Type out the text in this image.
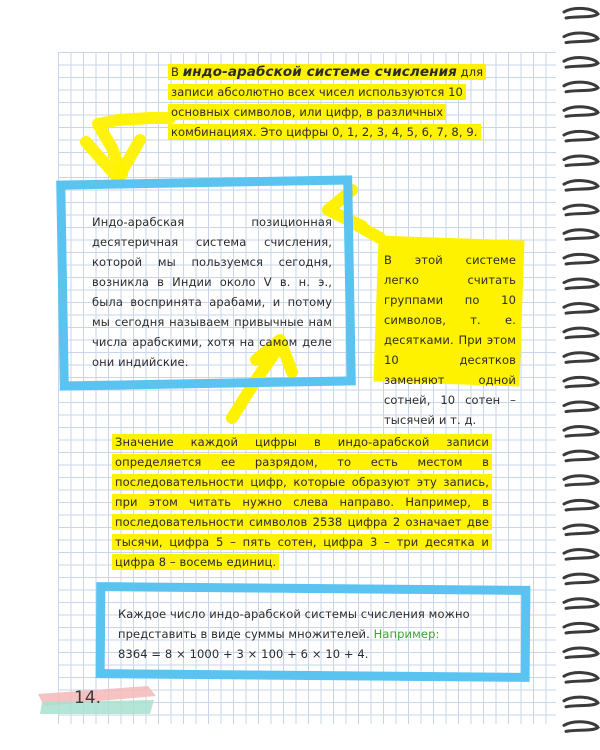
В индо-арабской системе счисления для записи абсолютно всех чисел используются 10 основных символов, или цифр, в различных комбинациях. Это цифры 0, 1, 2, 3, 4, 5, 6, 7, 8, 9.
Индо-арабская позиционная десятеричная система счисления, которой мы пользуемся сегодня, возникла в Индии около V в. н. э., была воспринята арабами, и потому мы сегодня называем привычные нам числа арабскими, хотя на самом деле они индийские.
В этой системе легко считать группами по 10 символов, т. е. десятками. При этом 10 десятков заменяют одной сотней, 10 сотен – тысячей и т. д.
Значение каждой цифры в индо-арабской записи определяется ее разрядом, то есть местом в последовательности цифр, которые образуют эту запись, при этом читать нужно слева направо. Например, в последовательности символов 2538 цифра 2 означает две тысячи, цифра 5 – пять сотен, цифра 3 – три десятка и цифра 8 – восемь единиц.
Каждое число индо-арабской системы счисления можно представить в виде суммы множителей. Например:
8364 = 8 × 1000 + 3 × 100 + 6 × 10 + 4.
14.
